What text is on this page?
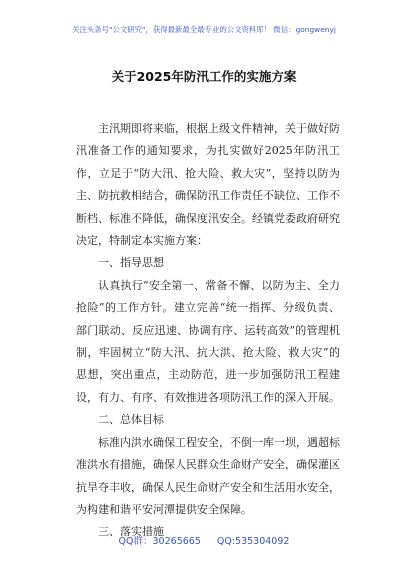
关注头条号"公文研究"，获得最新最全最专业的公文资料库！ 微信：gongwenyj
关于2025年防汛工作的实施方案

主汛期即将来临，根据上级文件精神，关于做好防汛准备工作的通知要求，为扎实做好2025年防汛工作，立足于“防大汛、抢大险、救大灾”，坚持以防为主、防抗救相结合，确保防汛工作责任不缺位、工作不断档、标准不降低，确保度汛安全。经镇党委政府研究决定，特制定本实施方案：

一、指导思想

认真执行“安全第一、常备不懈、以防为主、全力抢险”的工作方针。建立完善“统一指挥、分级负责、部门联动、反应迅速、协调有序、运转高效”的管理机制，牢固树立“防大汛、抗大洪、抢大险、救大灾”的思想，突出重点，主动防范，进一步加强防汛工程建设，有力、有序、有效推进各项防汛工作的深入开展。

二、总体目标

标准内洪水确保工程安全，不倒一库一坝，遇超标准洪水有措施，确保人民群众生命财产安全，确保灌区抗旱夺丰收，确保人民生命财产安全和生活用水安全，为构建和谐平安河潭提供安全保障。

三、落实措施

QQ群：30265665 QQ:535304092
